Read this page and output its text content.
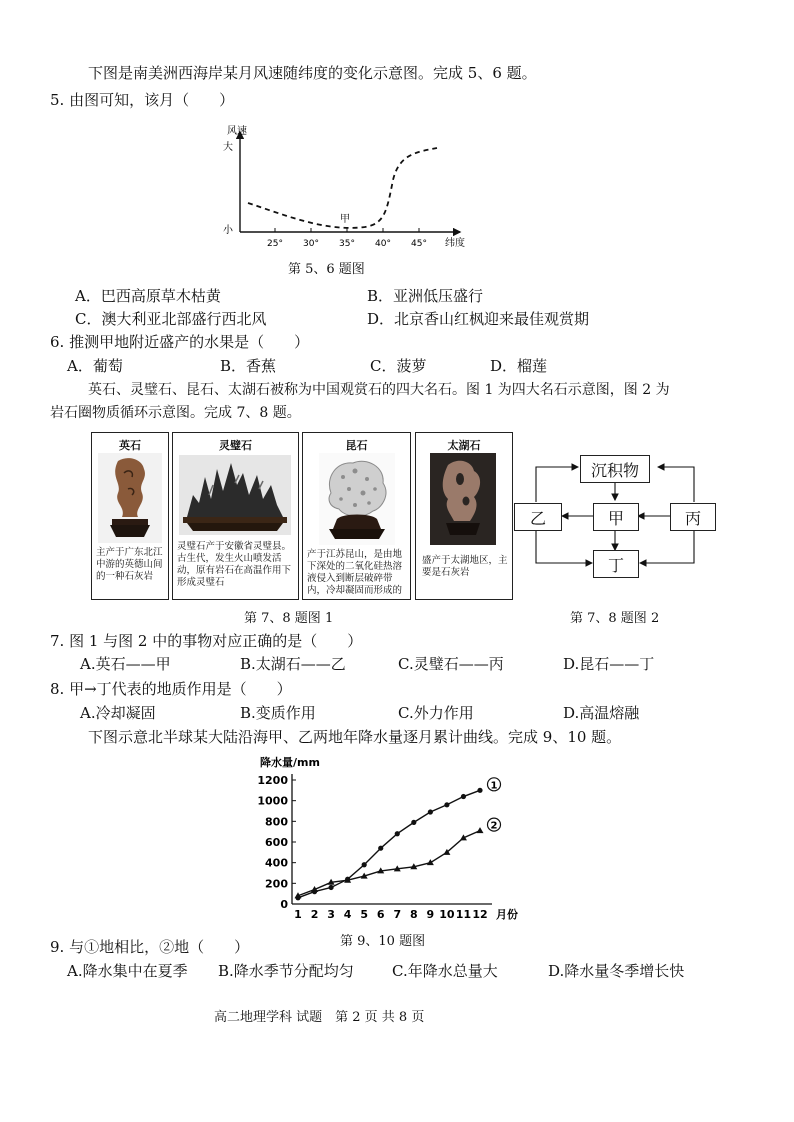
下图是南美洲西海岸某月风速随纬度的变化示意图。完成 5、6 题。
5. 由图可知，该月（　　）
风速
大
小
25° 30° 35° 40° 45° 纬度
甲
第 5、6 题图
A．巴西高原草木枯黄	B．亚洲低压盛行
C．澳大利亚北部盛行西北风	D．北京香山红枫迎来最佳观赏期
6. 推测甲地附近盛产的水果是（　　）
A．葡萄	B．香蕉	C．菠萝	D．榴莲
英石、灵璧石、昆石、太湖石被称为中国观赏石的四大名石。图 1 为四大名石示意图，图 2 为
岩石圈物质循环示意图。完成 7、8 题。
英石
主产于广东北江中游的英德山间的一种石灰岩
灵璧石
灵璧石产于安徽省灵璧县。古生代，发生火山喷发活动，原有岩石在高温作用下形成灵璧石
昆石
产于江苏昆山，是由地下深处的二氧化硅热溶液侵入到断层破碎带内，冷却凝固而形成的
太湖石
盛产于太湖地区，主要是石灰岩
沉积物
乙	甲	丙
丁
第 7、8 题图 1	第 7、8 题图 2
7. 图 1 与图 2 中的事物对应正确的是（　　）
A.英石——甲	B.太湖石——乙	C.灵璧石——丙	D.昆石——丁
8. 甲→丁代表的地质作用是（　　）
A.冷却凝固	B.变质作用	C.外力作用	D.高温熔融
下图示意北半球某大陆沿海甲、乙两地年降水量逐月累计曲线。完成 9、10 题。
降水量/mm
0
200
400
600
800
1000
1200
1 2 3 4 5 6 7 8 9 10 11 12
1
2
月份
第 9、10 题图
9. 与①地相比，②地（　　）
A.降水集中在夏季 B.降水季节分配均匀	C.年降水总量大	D.降水量冬季增长快
高二地理学科 试题　第 2 页 共 8 页
